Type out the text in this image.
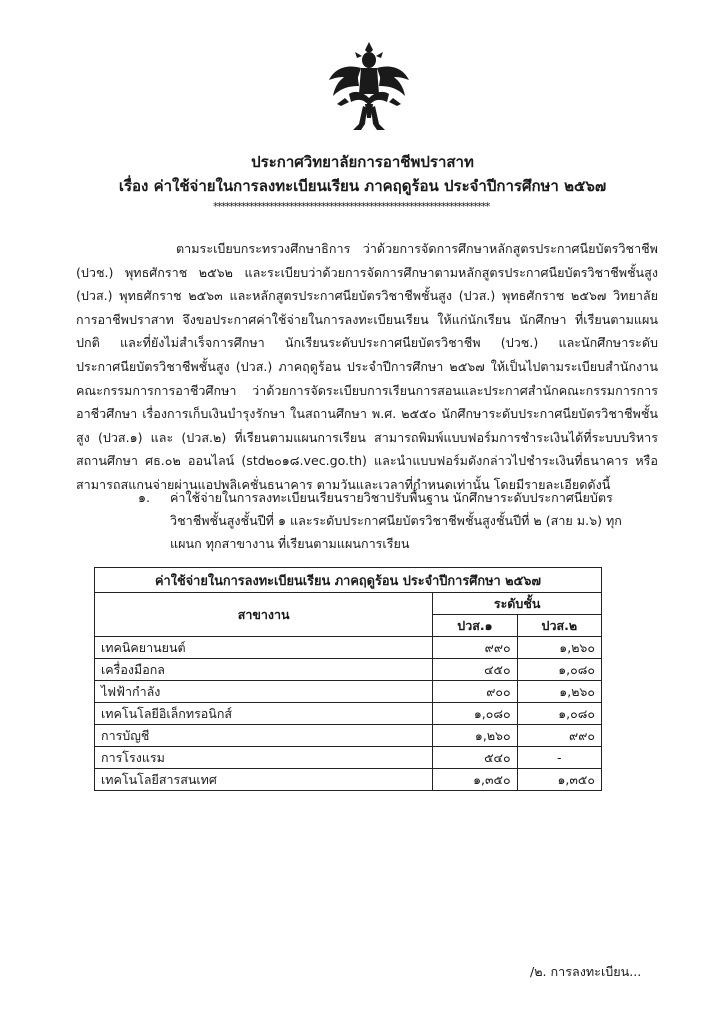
ประกาศวิทยาลัยการอาชีพปราสาท
เรื่อง ค่าใช้จ่ายในการลงทะเบียนเรียน ภาคฤดูร้อน ประจำปีการศึกษา ๒๕๖๗
*********************************************************************
ตามระเบียบกระทรวงศึกษาธิการ ว่าด้วยการจัดการศึกษาหลักสูตรประกาศนียบัตรวิชาชีพ (ปวช.) พุทธศักราช ๒๕๖๒ และระเบียบว่าด้วยการจัดการศึกษาตามหลักสูตรประกาศนียบัตรวิชาชีพชั้นสูง (ปวส.) พุทธศักราช ๒๕๖๓ และหลักสูตรประกาศนียบัตรวิชาชีพชั้นสูง (ปวส.) พุทธศักราช ๒๕๖๗ วิทยาลัยการอาชีพปราสาท จึงขอประกาศค่าใช้จ่ายในการลงทะเบียนเรียน ให้แก่นักเรียน นักศึกษา ที่เรียนตามแผนปกติ และที่ยังไม่สำเร็จการศึกษา นักเรียนระดับประกาศนียบัตรวิชาชีพ (ปวช.) และนักศึกษาระดับประกาศนียบัตรวิชาชีพชั้นสูง (ปวส.) ภาคฤดูร้อน ประจำปีการศึกษา ๒๕๖๗ ให้เป็นไปตามระเบียบสำนักงานคณะกรรมการการอาชีวศึกษา ว่าด้วยการจัดระเบียบการเรียนการสอนและประกาศสำนักคณะกรรมการการอาชีวศึกษา เรื่องการเก็บเงินบำรุงรักษา ในสถานศึกษา พ.ศ. ๒๕๕๐ นักศึกษาระดับประกาศนียบัตรวิชาชีพชั้นสูง (ปวส.๑) และ (ปวส.๒) ที่เรียนตามแผนการเรียน สามารถพิมพ์แบบฟอร์มการชำระเงินได้ที่ระบบบริหารสถานศึกษา ศธ.๐๒ ออนไลน์ (std๒๐๑๘.vec.go.th) และนำแบบฟอร์มดังกล่าวไปชำระเงินที่ธนาคาร หรือสามารถสแกนจ่ายผ่านแอปพลิเคชั่นธนาคาร ตามวันและเวลาที่กำหนดเท่านั้น โดยมีรายละเอียดดังนี้
๑. ค่าใช้จ่ายในการลงทะเบียนเรียนรายวิชาปรับพื้นฐาน นักศึกษาระดับประกาศนียบัตรวิชาชีพชั้นสูงชั้นปีที่ ๑ และระดับประกาศนียบัตรวิชาชีพชั้นสูงชั้นปีที่ ๒ (สาย ม.๖) ทุกแผนก ทุกสาขางาน ที่เรียนตามแผนการเรียน
ค่าใช้จ่ายในการลงทะเบียนเรียน ภาคฤดูร้อน ประจำปีการศึกษา ๒๕๖๗		
สาขางาน	ระดับชั้น	
	ปวส.๑	ปวส.๒
เทคนิคยานยนต์	๙๙๐	๑,๒๖๐
เครื่องมือกล	๔๕๐	๑,๐๘๐
ไฟฟ้ากำลัง	๙๐๐	๑,๒๖๐
เทคโนโลยีอิเล็กทรอนิกส์	๑,๐๘๐	๑,๐๘๐
การบัญชี	๑,๒๖๐	๙๙๐
การโรงแรม	๕๔๐	-
เทคโนโลยีสารสนเทศ	๑,๓๕๐	๑,๓๕๐
/๒. การลงทะเบียน...
